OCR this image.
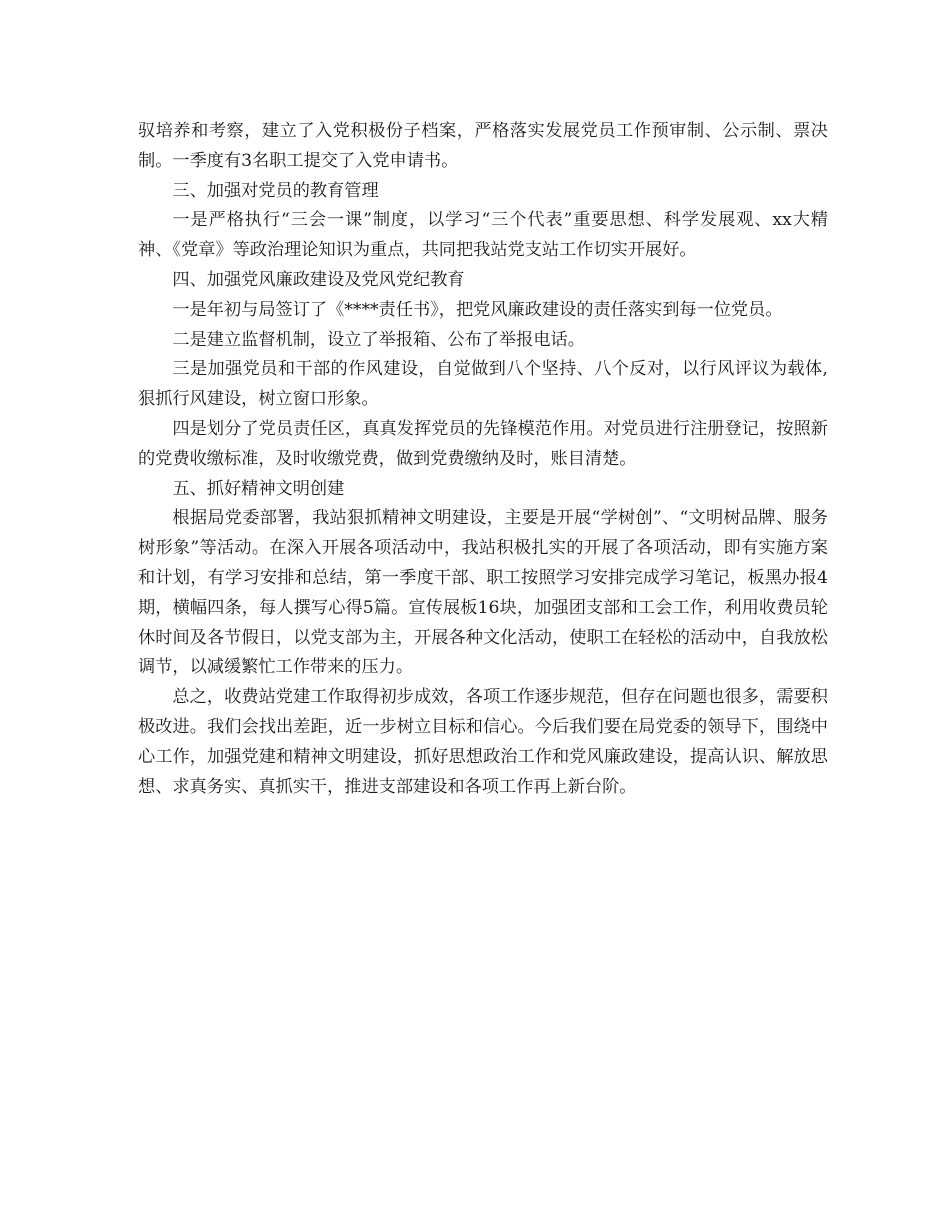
驭培养和考察，建立了入党积极份子档案，严格落实发展党员工作预审制、公示制、票决制。一季度有3名职工提交了入党申请书。

三、加强对党员的教育管理

一是严格执行“三会一课”制度，以学习“三个代表”重要思想、科学发展观、xx大精神、《党章》等政治理论知识为重点，共同把我站党支站工作切实开展好。

四、加强党风廉政建设及党风党纪教育

一是年初与局签订了《****责任书》，把党风廉政建设的责任落实到每一位党员。

二是建立监督机制，设立了举报箱、公布了举报电话。

三是加强党员和干部的作风建设，自觉做到八个坚持、八个反对，以行风评议为载体,狠抓行风建设，树立窗口形象。

四是划分了党员责任区，真真发挥党员的先锋模范作用。对党员进行注册登记，按照新的党费收缴标准，及时收缴党费，做到党费缴纳及时，账目清楚。

五、抓好精神文明创建

根据局党委部署，我站狠抓精神文明建设，主要是开展“学树创”、“文明树品牌、服务树形象”等活动。在深入开展各项活动中，我站积极扎实的开展了各项活动，即有实施方案和计划，有学习安排和总结，第一季度干部、职工按照学习安排完成学习笔记，板黑办报4期，横幅四条，每人撰写心得5篇。宣传展板16块，加强团支部和工会工作，利用收费员轮休时间及各节假日，以党支部为主，开展各种文化活动，使职工在轻松的活动中，自我放松调节，以减缓繁忙工作带来的压力。

总之，收费站党建工作取得初步成效，各项工作逐步规范，但存在问题也很多，需要积极改进。我们会找出差距，近一步树立目标和信心。今后我们要在局党委的领导下，围绕中心工作，加强党建和精神文明建设，抓好思想政治工作和党风廉政建设，提高认识、解放思想、求真务实、真抓实干，推进支部建设和各项工作再上新台阶。
